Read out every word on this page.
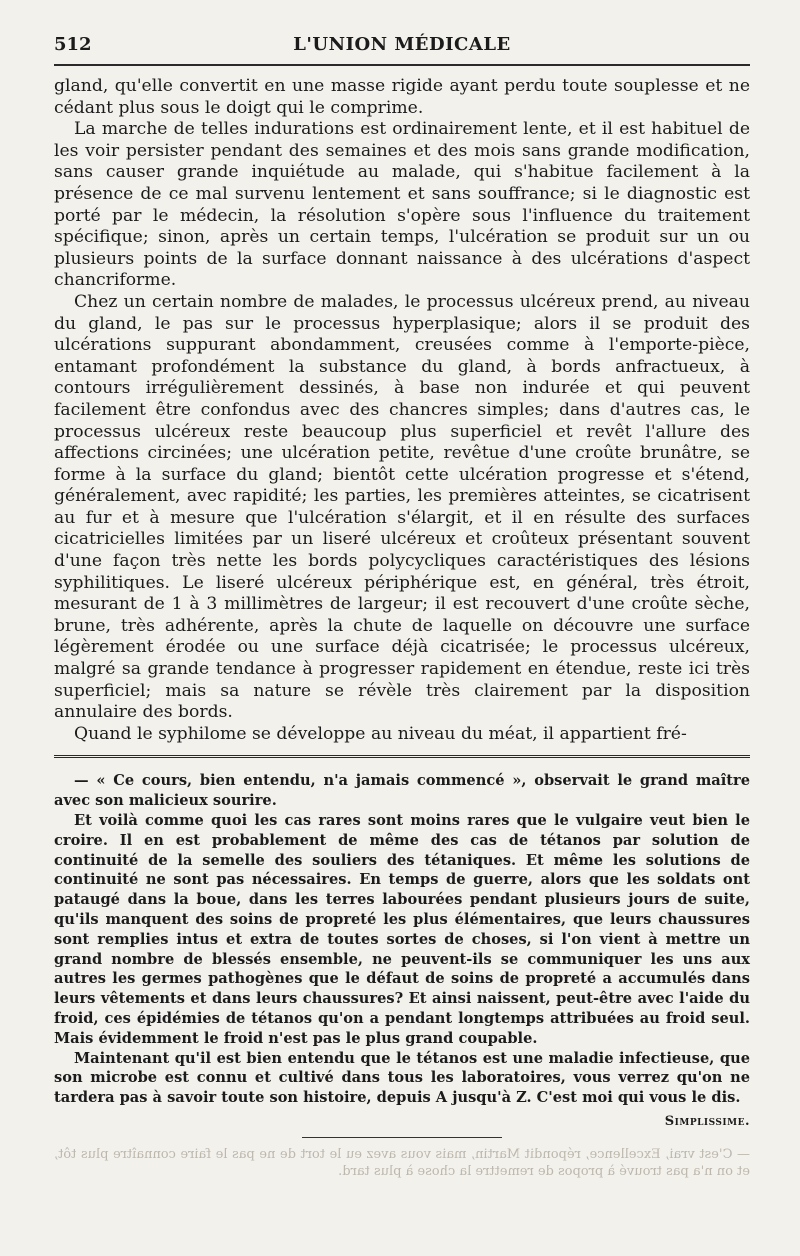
512	L'UNION MÉDICALE

gland, qu'elle convertit en une masse rigide ayant perdu toute souplesse et ne cédant plus sous le doigt qui le comprime.

La marche de telles indurations est ordinairement lente, et il est habituel de les voir persister pendant des semaines et des mois sans grande modification, sans causer grande inquiétude au malade, qui s'habitue facilement à la présence de ce mal survenu lentement et sans souffrance; si le diagnostic est porté par le médecin, la résolution s'opère sous l'influence du traitement spécifique; sinon, après un certain temps, l'ulcération se produit sur un ou plusieurs points de la surface donnant naissance à des ulcérations d'aspect chancriforme.

Chez un certain nombre de malades, le processus ulcéreux prend, au niveau du gland, le pas sur le processus hyperplasique; alors il se produit des ulcérations suppurant abondamment, creusées comme à l'emporte-pièce, entamant profondément la substance du gland, à bords anfractueux, à contours irrégulièrement dessinés, à base non indurée et qui peuvent facilement être confondus avec des chancres simples; dans d'autres cas, le processus ulcéreux reste beaucoup plus superficiel et revêt l'allure des affections circinées; une ulcération petite, revêtue d'une croûte brunâtre, se forme à la surface du gland; bientôt cette ulcération progresse et s'étend, généralement, avec rapidité; les parties, les premières atteintes, se cicatrisent au fur et à mesure que l'ulcération s'élargit, et il en résulte des surfaces cicatricielles limitées par un liseré ulcéreux et croûteux présentant souvent d'une façon très nette les bords polycycliques caractéristiques des lésions syphilitiques. Le liseré ulcéreux périphérique est, en général, très étroit, mesurant de 1 à 3 millimètres de largeur; il est recouvert d'une croûte sèche, brune, très adhérente, après la chute de laquelle on découvre une surface légèrement érodée ou une surface déjà cicatrisée; le processus ulcéreux, malgré sa grande tendance à progresser rapidement en étendue, reste ici très superficiel; mais sa nature se révèle très clairement par la disposition annulaire des bords.

Quand le syphilome se développe au niveau du méat, il appartient fré-

— « Ce cours, bien entendu, n'a jamais commencé », observait le grand maître avec son malicieux sourire.

Et voilà comme quoi les cas rares sont moins rares que le vulgaire veut bien le croire. Il en est probablement de même des cas de tétanos par solution de continuité de la semelle des souliers des tétaniques. Et même les solutions de continuité ne sont pas nécessaires. En temps de guerre, alors que les soldats ont pataugé dans la boue, dans les terres labourées pendant plusieurs jours de suite, qu'ils manquent des soins de propreté les plus élémentaires, que leurs chaussures sont remplies intus et extra de toutes sortes de choses, si l'on vient à mettre un grand nombre de blessés ensemble, ne peuvent-ils se communiquer les uns aux autres les germes pathogènes que le défaut de soins de propreté a accumulés dans leurs vêtements et dans leurs chaussures? Et ainsi naissent, peut-être avec l'aide du froid, ces épidémies de tétanos qu'on a pendant longtemps attribuées au froid seul. Mais évidemment le froid n'est pas le plus grand coupable.

Maintenant qu'il est bien entendu que le tétanos est une maladie infectieuse, que son microbe est connu et cultivé dans tous les laboratoires, vous verrez qu'on ne tardera pas à savoir toute son histoire, depuis A jusqu'à Z. C'est moi qui vous le dis.

Simplissime.
— C'est vrai, Excellence, répondit Martin, mais vous avez eu le tort de ne pas le faire connaître plus tôt, et on n'a pas trouvé à propos de remettre la chose à plus tard.
